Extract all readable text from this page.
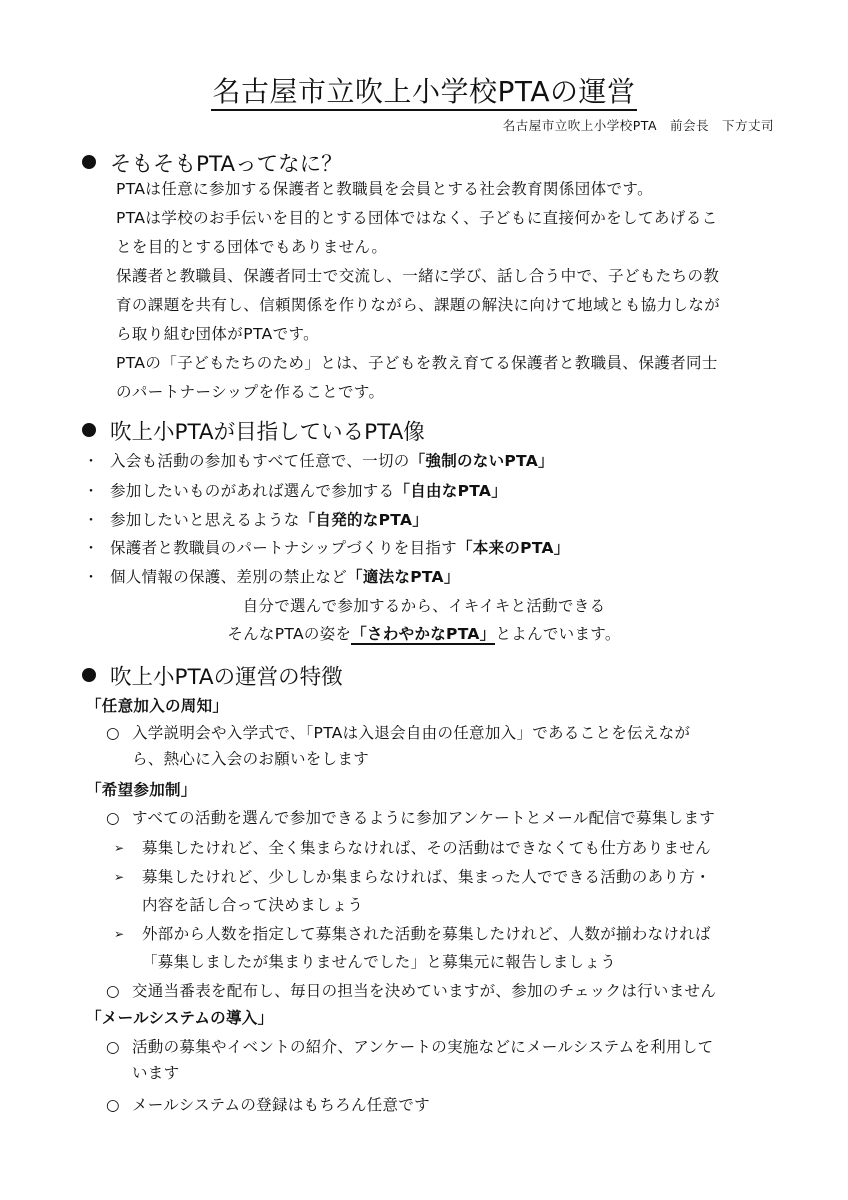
名古屋市立吹上小学校PTAの運営
名古屋市立吹上小学校PTA　前会長　下方丈司
そもそもPTAってなに？

PTAは任意に参加する保護者と教職員を会員とする社会教育関係団体です。

PTAは学校のお手伝いを目的とする団体ではなく、子どもに直接何かをしてあげるこ

とを目的とする団体でもありません。

保護者と教職員、保護者同士で交流し、一緒に学び、話し合う中で、子どもたちの教

育の課題を共有し、信頼関係を作りながら、課題の解決に向けて地域とも協力しなが

ら取り組む団体がPTAです。

PTAの「子どもたちのため」とは、子どもを教え育てる保護者と教職員、保護者同士

のパートナーシップを作ることです。

吹上小PTAが目指しているPTA像
・ 入会も活動の参加もすべて任意で、一切の「強制のないPTA」
・ 参加したいものがあれば選んで参加する「自由なPTA」
・ 参加したいと思えるような「自発的なPTA」
・ 保護者と教職員のパートナシップづくりを目指す「本来のPTA」
・ 個人情報の保護、差別の禁止など「適法なPTA」
自分で選んで参加するから、イキイキと活動できる
そんなPTAの姿を「さわやかなPTA」とよんでいます。
吹上小PTAの運営の特徴
「任意加入の周知」
○ 入学説明会や入学式で、「PTAは入退会自由の任意加入」であることを伝えなが
ら、熱心に入会のお願いをします
「希望参加制」
○ すべての活動を選んで参加できるように参加アンケートとメール配信で募集します
➢ 募集したけれど、全く集まらなければ、その活動はできなくても仕方ありません
➢ 募集したけれど、少ししか集まらなければ、集まった人でできる活動のあり方・
内容を話し合って決めましょう
➢ 外部から人数を指定して募集された活動を募集したけれど、人数が揃わなければ
「募集しましたが集まりませんでした」と募集元に報告しましょう
○ 交通当番表を配布し、毎日の担当を決めていますが、参加のチェックは行いません
「メールシステムの導入」
○ 活動の募集やイベントの紹介、アンケートの実施などにメールシステムを利用して
います
○ メールシステムの登録はもちろん任意です
